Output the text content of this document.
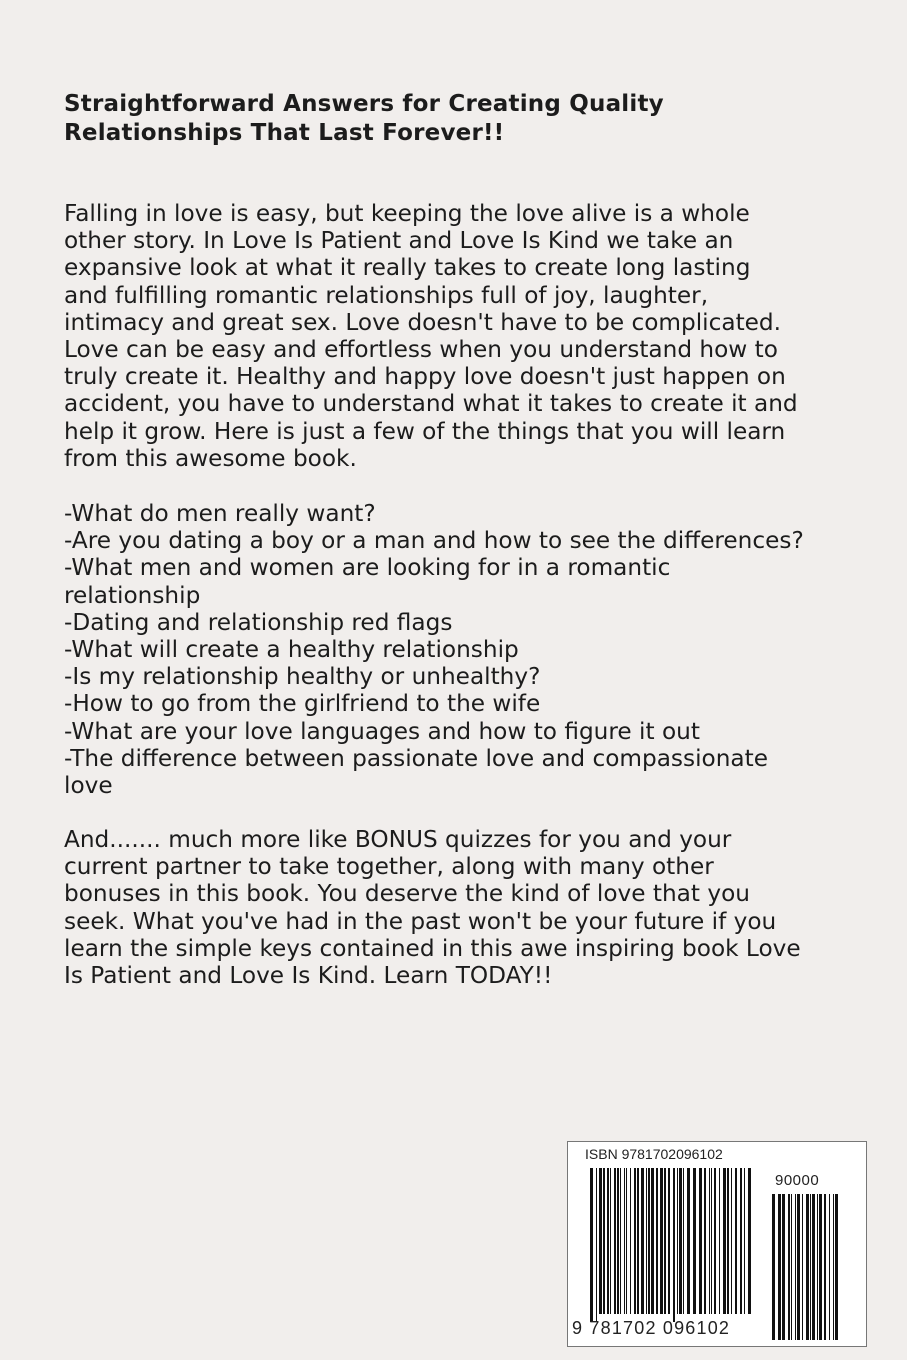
Straightforward Answers for Creating Quality
Relationships That Last Forever!!
Falling in love is easy, but keeping the love alive is a whole
other story. In Love Is Patient and Love Is Kind we take an
expansive look at what it really takes to create long lasting
and fulfilling romantic relationships full of joy, laughter,
intimacy and great sex. Love doesn't have to be complicated.
Love can be easy and effortless when you understand how to
truly create it. Healthy and happy love doesn't just happen on
accident, you have to understand what it takes to create it and
help it grow. Here is just a few of the things that you will learn
from this awesome book.
-What do men really want?
-Are you dating a boy or a man and how to see the differences?
-What men and women are looking for in a romantic
relationship
-Dating and relationship red flags
-What will create a healthy relationship
-Is my relationship healthy or unhealthy?
-How to go from the girlfriend to the wife
-What are your love languages and how to figure it out
-The difference between passionate love and compassionate
love
And....... much more like BONUS quizzes for you and your
current partner to take together, along with many other
bonuses in this book. You deserve the kind of love that you
seek. What you've had in the past won't be your future if you
learn the simple keys contained in this awe inspiring book Love
Is Patient and Love Is Kind. Learn TODAY!!
ISBN 9781702096102
90000
9 781702 096102
